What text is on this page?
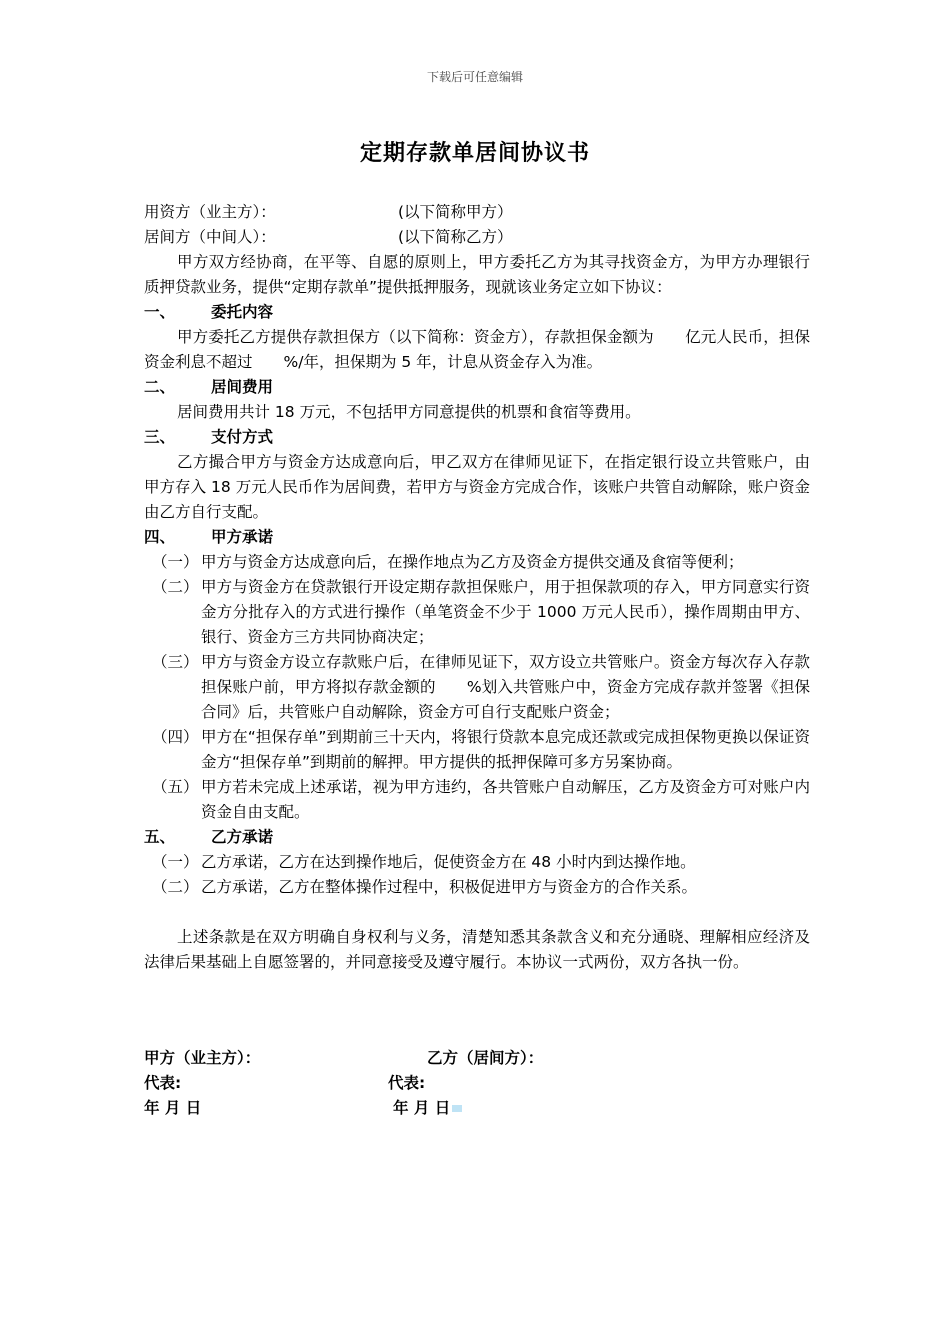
下载后可任意编辑
定期存款单居间协议书
用资方（业主方）：	(以下简称甲方）
居间方（中间人）：	(以下简称乙方）
甲方双方经协商，在平等、自愿的原则上，甲方委托乙方为其寻找资金方，为甲方办理银行质押贷款业务，提供“定期存款单”提供抵押服务，现就该业务定立如下协议：
一、	委托内容
甲方委托乙方提供存款担保方（以下简称：资金方），存款担保金额为　　亿元人民币，担保资金利息不超过　　%/年，担保期为 5 年，计息从资金存入为准。
二、	居间费用
居间费用共计 18 万元，不包括甲方同意提供的机票和食宿等费用。
三、	支付方式
乙方撮合甲方与资金方达成意向后，甲乙双方在律师见证下，在指定银行设立共管账户，由甲方存入 18 万元人民币作为居间费，若甲方与资金方完成合作，该账户共管自动解除，账户资金由乙方自行支配。
四、	甲方承诺
（一） 甲方与资金方达成意向后，在操作地点为乙方及资金方提供交通及食宿等便利；
（二） 甲方与资金方在贷款银行开设定期存款担保账户，用于担保款项的存入，甲方同意实行资金方分批存入的方式进行操作（单笔资金不少于 1000 万元人民币），操作周期由甲方、银行、资金方三方共同协商决定；
（三） 甲方与资金方设立存款账户后，在律师见证下，双方设立共管账户。资金方每次存入存款担保账户前，甲方将拟存款金额的　　%划入共管账户中，资金方完成存款并签署《担保合同》后，共管账户自动解除，资金方可自行支配账户资金；
（四） 甲方在“担保存单”到期前三十天内，将银行贷款本息完成还款或完成担保物更换以保证资金方“担保存单”到期前的解押。甲方提供的抵押保障可多方另案协商。
（五） 甲方若未完成上述承诺，视为甲方违约，各共管账户自动解压，乙方及资金方可对账户内资金自由支配。
五、	乙方承诺
（一） 乙方承诺，乙方在达到操作地后，促使资金方在 48 小时内到达操作地。
（二） 乙方承诺，乙方在整体操作过程中，积极促进甲方与资金方的合作关系。
上述条款是在双方明确自身权利与义务，清楚知悉其条款含义和充分通晓、理解相应经济及法律后果基础上自愿签署的，并同意接受及遵守履行。本协议一式两份，双方各执一份。
甲方（业主方）：	乙方（居间方）：
代表:	代表:
年 月 日	年 月 日
